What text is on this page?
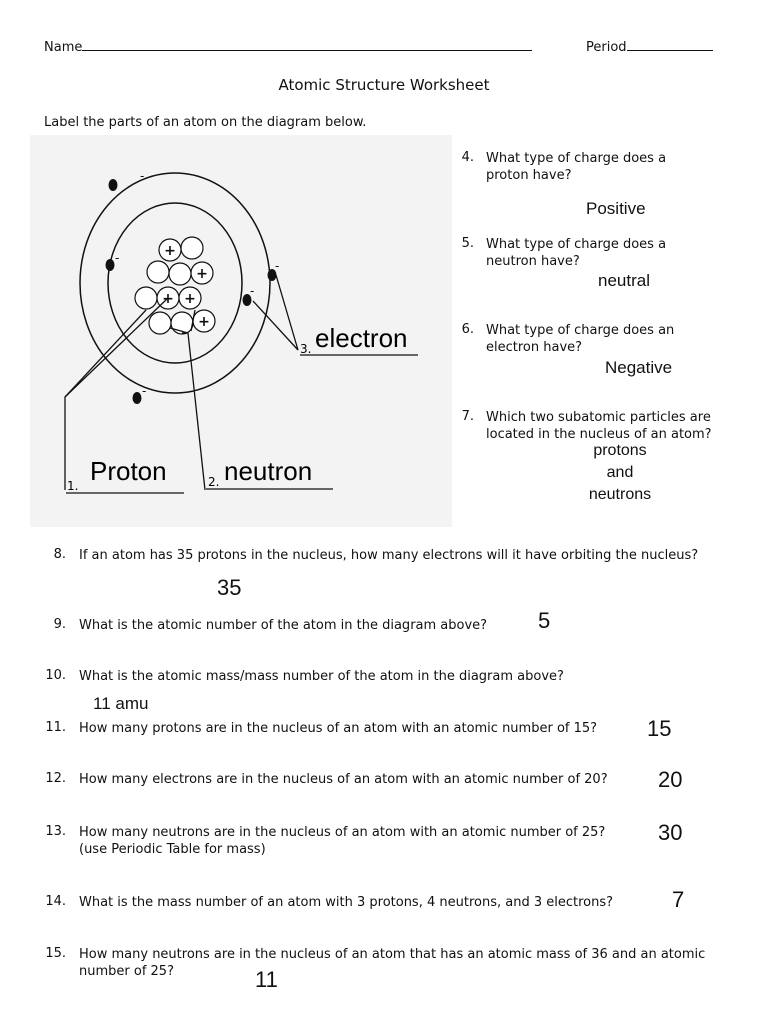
Name	Period
Atomic Structure Worksheet
Label the parts of an atom on the diagram below.
+
+
+ +
+
-
-
-
-
-
1. Proton	2. neutron
3. electron
4. What type of charge does a proton have?
Positive
5. What type of charge does a neutron have?
neutral
6. What type of charge does an electron have?
Negative
7. Which two subatomic particles are located in the nucleus of an atom?
protons
and
neutrons
8. If an atom has 35 protons in the nucleus, how many electrons will it have orbiting the nucleus?
35
9. What is the atomic number of the atom in the diagram above?	5
10. What is the atomic mass/mass number of the atom in the diagram above?
11 amu
11. How many protons are in the nucleus of an atom with an atomic number of 15?	15
12. How many electrons are in the nucleus of an atom with an atomic number of 20?	20
13. How many neutrons are in the nucleus of an atom with an atomic number of 25?
(use Periodic Table for mass)
30
14. What is the mass number of an atom with 3 protons, 4 neutrons, and 3 electrons?	7
15. How many neutrons are in the nucleus of an atom that has an atomic mass of 36 and an atomic number of 25?	11
